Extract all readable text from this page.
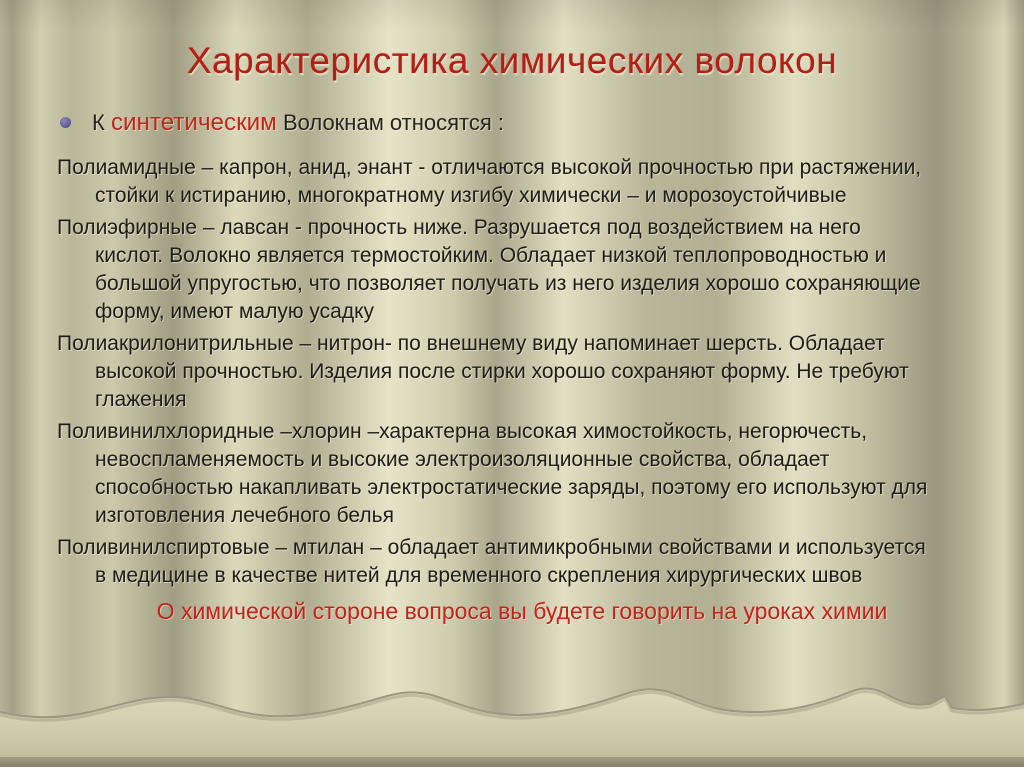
Характеристика химических волокон
К синтетическим Волокнам относятся :
Полиамидные – капрон, анид, энант - отличаются высокой прочностью при растяжении, стойки к истиранию, многократному изгибу химически – и морозоустойчивые
Полиэфирные – лавсан - прочность ниже. Разрушается под воздействием на него кислот. Волокно является термостойким. Обладает низкой теплопроводностью и большой упругостью, что позволяет получать из него изделия хорошо сохраняющие форму, имеют малую усадку
Полиакрилонитрильные – нитрон- по внешнему виду напоминает шерсть. Обладает высокой прочностью. Изделия после стирки хорошо сохраняют форму. Не требуют глажения
Поливинилхлоридные –хлорин –характерна высокая химостойкость, негорючесть, невоспламеняемость и высокие электроизоляционные свойства, обладает способностью накапливать электростатические заряды, поэтому его используют для изготовления лечебного белья
Поливинилспиртовые – мтилан – обладает антимикробными свойствами и используется в медицине в качестве нитей для временного скрепления хирургических швов
О химической стороне вопроса вы будете говорить на уроках химии
